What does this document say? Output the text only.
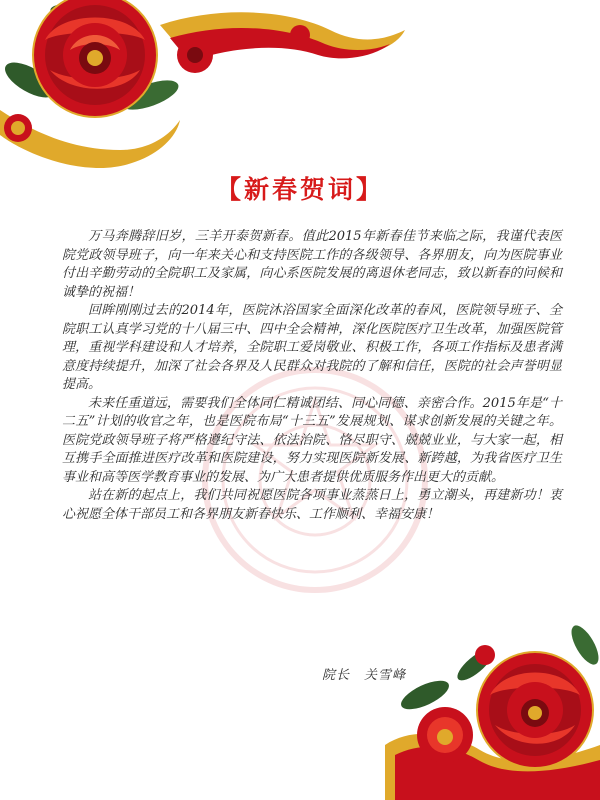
【新春贺词】

万马奔腾辞旧岁，三羊开泰贺新春。值此2015年新春佳节来临之际，我谨代表医院党政领导班子，向一年来关心和支持医院工作的各级领导、各界朋友，向为医院事业付出辛勤劳动的全院职工及家属，向心系医院发展的离退休老同志，致以新春的问候和诚挚的祝福！

回眸刚刚过去的2014年，医院沐浴国家全面深化改革的春风，医院领导班子、全院职工认真学习党的十八届三中、四中全会精神，深化医院医疗卫生改革，加强医院管理，重视学科建设和人才培养，全院职工爱岗敬业、积极工作，各项工作指标及患者满意度持续提升，加深了社会各界及人民群众对我院的了解和信任，医院的社会声誉明显提高。

未来任重道远，需要我们全体同仁精诚团结、同心同德、亲密合作。2015年是“十二五”计划的收官之年，也是医院布局“十三五”发展规划、谋求创新发展的关键之年。医院党政领导班子将严格遵纪守法、依法治院、恪尽职守、兢兢业业，与大家一起，相互携手全面推进医疗改革和医院建设，努力实现医院新发展、新跨越，为我省医疗卫生事业和高等医学教育事业的发展、为广大患者提供优质服务作出更大的贡献。

站在新的起点上，我们共同祝愿医院各项事业蒸蒸日上，勇立潮头，再建新功！衷心祝愿全体干部员工和各界朋友新春快乐、工作顺利、幸福安康！

院长　关雪峰
